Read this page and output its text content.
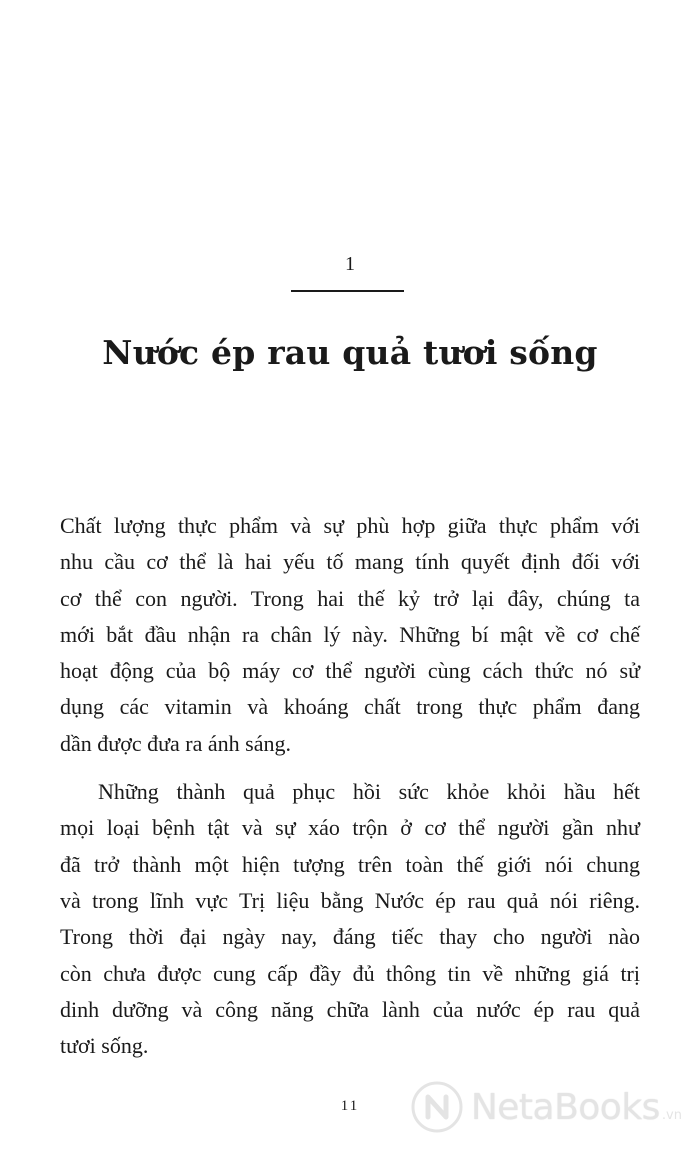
1
Nước ép rau quả tươi sống
Chất lượng thực phẩm và sự phù hợp giữa thực phẩm với
nhu cầu cơ thể là hai yếu tố mang tính quyết định đối với
cơ thể con người. Trong hai thế kỷ trở lại đây, chúng ta
mới bắt đầu nhận ra chân lý này. Những bí mật về cơ chế
hoạt động của bộ máy cơ thể người cùng cách thức nó sử
dụng các vitamin và khoáng chất trong thực phẩm đang
dần được đưa ra ánh sáng.
Những thành quả phục hồi sức khỏe khỏi hầu hết
mọi loại bệnh tật và sự xáo trộn ở cơ thể người gần như
đã trở thành một hiện tượng trên toàn thế giới nói chung
và trong lĩnh vực Trị liệu bằng Nước ép rau quả nói riêng.
Trong thời đại ngày nay, đáng tiếc thay cho người nào
còn chưa được cung cấp đầy đủ thông tin về những giá trị
dinh dưỡng và công năng chữa lành của nước ép rau quả
tươi sống.
11	NetaBooks .vn
